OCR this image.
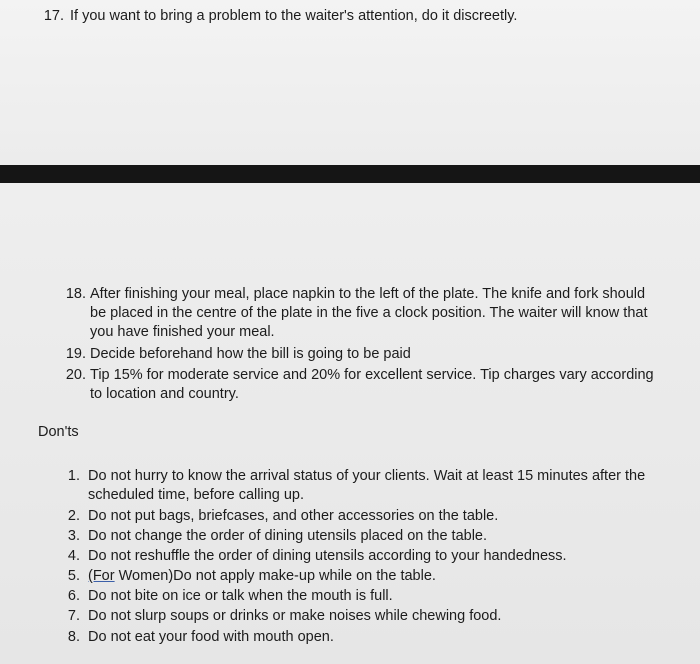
17. If you want to bring a problem to the waiter's attention, do it discreetly.
18. After finishing your meal, place napkin to the left of the plate. The knife and fork should
be placed in the centre of the plate in the five a clock position. The waiter will know that
you have finished your meal.
19. Decide beforehand how the bill is going to be paid
20. Tip 15% for moderate service and 20% for excellent service. Tip charges vary according
to location and country.
Don'ts
1. Do not hurry to know the arrival status of your clients. Wait at least 15 minutes after the
scheduled time, before calling up.
2. Do not put bags, briefcases, and other accessories on the table.
3. Do not change the order of dining utensils placed on the table.
4. Do not reshuffle the order of dining utensils according to your handedness.
5. (For Women)Do not apply make-up while on the table.
6. Do not bite on ice or talk when the mouth is full.
7. Do not slurp soups or drinks or make noises while chewing food.
8. Do not eat your food with mouth open.
